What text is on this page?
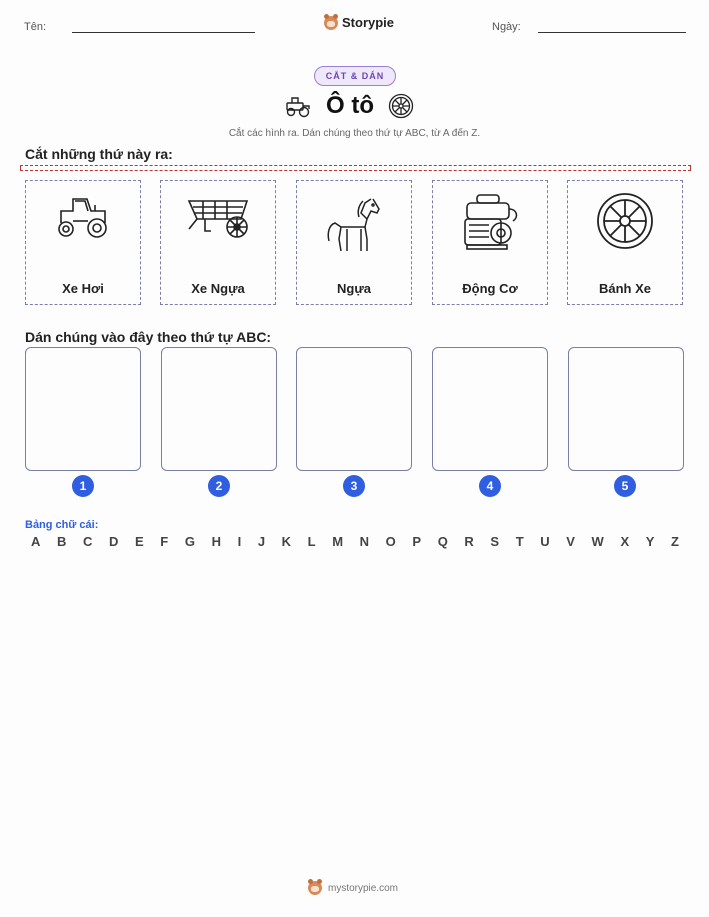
Tên:	Storypie	Ngày:
CẮT & DÁN
Ô tô
Cắt các hình ra. Dán chúng theo thứ tự ABC, từ A đến Z.
Cắt những thứ này ra:
Xe Hơi	Xe Ngựa	Ngựa	Động Cơ	Bánh Xe
Dán chúng vào đây theo thứ tự ABC:
1	2	3	4	5
Bảng chữ cái:
A B C D E F G H I J K L M N O P Q R S T U V W X Y Z
mystorypie.com
